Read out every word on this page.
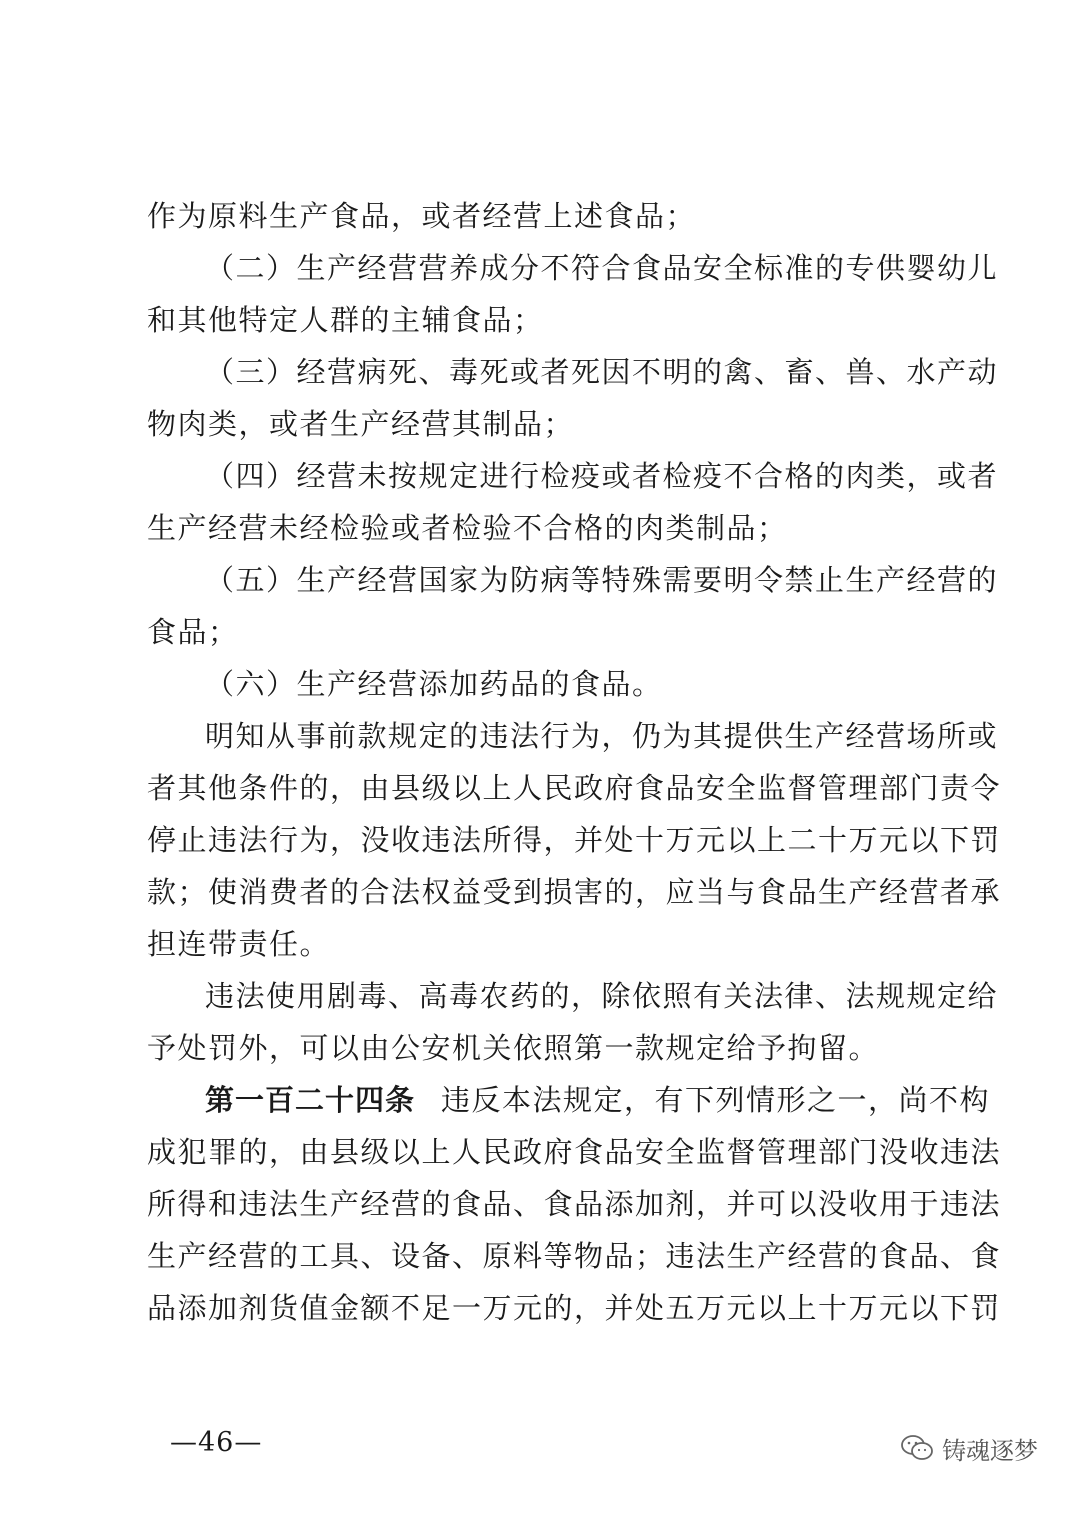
作为原料生产食品，或者经营上述食品；
（二）生产经营营养成分不符合食品安全标准的专供婴幼儿
和其他特定人群的主辅食品；
（三）经营病死、毒死或者死因不明的禽、畜、兽、水产动
物肉类，或者生产经营其制品；
（四）经营未按规定进行检疫或者检疫不合格的肉类，或者
生产经营未经检验或者检验不合格的肉类制品；
（五）生产经营国家为防病等特殊需要明令禁止生产经营的
食品；
（六）生产经营添加药品的食品。
明知从事前款规定的违法行为，仍为其提供生产经营场所或
者其他条件的，由县级以上人民政府食品安全监督管理部门责令
停止违法行为，没收违法所得，并处十万元以上二十万元以下罚
款；使消费者的合法权益受到损害的，应当与食品生产经营者承
担连带责任。
违法使用剧毒、高毒农药的，除依照有关法律、法规规定给
予处罚外，可以由公安机关依照第一款规定给予拘留。
第一百二十四条 违反本法规定，有下列情形之一，尚不构
成犯罪的，由县级以上人民政府食品安全监督管理部门没收违法
所得和违法生产经营的食品、食品添加剂，并可以没收用于违法
生产经营的工具、设备、原料等物品；违法生产经营的食品、食
品添加剂货值金额不足一万元的，并处五万元以上十万元以下罚
—46—	铸魂逐梦
